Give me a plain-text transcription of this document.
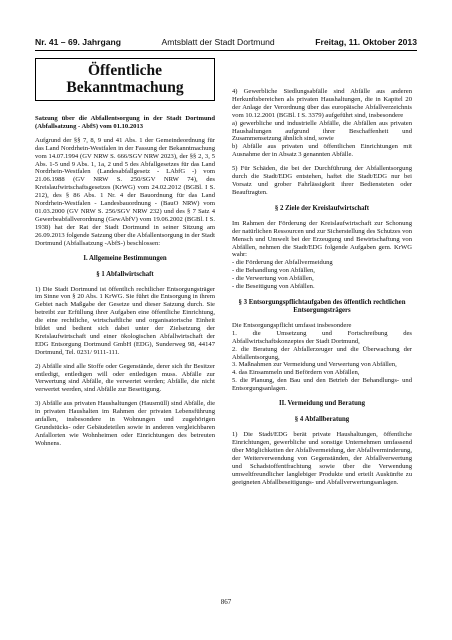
Nr. 41 – 69. Jahrgang	Amtsblatt der Stadt Dortmund	Freitag, 11. Oktober 2013
Öffentliche Bekanntmachung

Satzung über die Abfallentsorgung in der Stadt Dortmund (Abfallsatzung - AbfS) vom 01.10.2013

Aufgrund der §§ 7, 8, 9 und 41 Abs. 1 der Gemeindeordnung für das Land Nordrhein-Westfalen in der Fassung der Bekanntmachung vom 14.07.1994 (GV NRW S. 666/SGV NRW 2023), der §§ 2, 3, 5 Abs. 1-5 und 9 Abs. 1, 1a, 2 und 5 des Abfallgesetzes für das Land Nordrhein-Westfalen (Landesabfallgesetz - LAbfG -) vom 21.06.1988 (GV NRW S. 250/SGV NRW 74), des Kreislaufwirtschaftsgesetzes (KrWG) vom 24.02.2012 (BGBl. I S. 212), des § 86 Abs. 1 Nr. 4 der Bauordnung für das Land Nordrhein-Westfalen - Landesbauordnung - (BauO NRW) vom 01.03.2000 (GV NRW S. 256/SGV NRW 232) und des § 7 Satz 4 Gewerbeabfallverordnung (GewAbfV) vom 19.06.2002 (BGBl. I S. 1938) hat der Rat der Stadt Dortmund in seiner Sitzung am 26.09.2013 folgende Satzung über die Abfallentsorgung in der Stadt Dortmund (Abfallsatzung -AbfS-) beschlossen:

I. Allgemeine Bestimmungen
§ 1 Abfallwirtschaft

1) Die Stadt Dortmund ist öffentlich rechtlicher Entsorgungsträger im Sinne von § 20 Abs. 1 KrWG. Sie führt die Entsorgung in ihrem Gebiet nach Maßgabe der Gesetze und dieser Satzung durch. Sie betreibt zur Erfüllung ihrer Aufgaben eine öffentliche Einrichtung, die eine rechtliche, wirtschaftliche und organisatorische Einheit bildet und bedient sich dabei unter der Zielsetzung der Kreislaufwirtschaft und einer ökologischen Abfallwirtschaft der EDG Entsorgung Dortmund GmbH (EDG), Sunderweg 98, 44147 Dortmund, Tel. 0231/ 9111-111.

2) Abfälle sind alle Stoffe oder Gegenstände, derer sich ihr Besitzer entledigt, entledigen will oder entledigen muss. Abfälle zur Verwertung sind Abfälle, die verwertet werden; Abfälle, die nicht verwertet werden, sind Abfälle zur Beseitigung.

3) Abfälle aus privaten Haushaltungen (Hausmüll) sind Abfälle, die in privaten Haushalten im Rahmen der privaten Lebensführung anfallen, insbesondere in Wohnungen und zugehörigen Grundstücks- oder Gebäudeteilen sowie in anderen vergleichbaren Anfallorten wie Wohnheimen oder Einrichtungen des betreuten Wohnens.

4) Gewerbliche Siedlungsabfälle sind Abfälle aus anderen Herkunftsbereichen als privaten Haushaltungen, die in Kapitel 20 der Anlage der Verordnung über das europäische Abfallverzeichnis vom 10.12.2001 (BGBl. I S. 3379) aufgeführt sind, insbesondere

a) gewerbliche und industrielle Abfälle, die Abfällen aus privaten Haushaltungen aufgrund ihrer Beschaffenheit und Zusammensetzung ähnlich sind, sowie

b) Abfälle aus privaten und öffentlichen Einrichtungen mit Ausnahme der in Absatz 3 genannten Abfälle.

5) Für Schäden, die bei der Durchführung der Abfallentsorgung durch die Stadt/EDG entstehen, haftet die Stadt/EDG nur bei Vorsatz und grober Fahrlässigkeit ihrer Bediensteten oder Beauftragten.

§ 2 Ziele der Kreislaufwirtschaft

Im Rahmen der Förderung der Kreislaufwirtschaft zur Schonung der natürlichen Ressourcen und zur Sicherstellung des Schutzes von Mensch und Umwelt bei der Erzeugung und Bewirtschaftung von Abfällen, nehmen die Stadt/EDG folgende Aufgaben gem. KrWG wahr:

- die Förderung der Abfallvermeidung

- die Behandlung von Abfällen,

- die Verwertung von Abfällen,

- die Beseitigung von Abfällen.

§ 3 Entsorgungspflichtaufgaben des öffentlich rechtlichen Entsorgungsträgers

Die Entsorgungspflicht umfasst insbesondere

1. die Umsetzung und Fortschreibung des Abfallwirtschaftskonzeptes der Stadt Dortmund,

2. die Beratung der Abfallerzeuger und die Überwachung der Abfallentsorgung,

3. Maßnahmen zur Vermeidung und Verwertung von Abfällen,

4. das Einsammeln und Befördern von Abfällen,

5. die Planung, den Bau und den Betrieb der Behandlungs- und Entsorgungsanlagen.

II. Vermeidung und Beratung
§ 4 Abfallberatung

1) Die Stadt/EDG berät private Haushaltungen, öffentliche Einrichtungen, gewerbliche und sonstige Unternehmen umfassend über Möglichkeiten der Abfallvermeidung, der Abfallverminderung, der Weiterverwendung von Gegenständen, der Abfallverwertung und Schadstoffentfrachtung sowie über die Verwendung umweltfreundlicher langlebiger Produkte und erteilt Auskünfte zu geeigneten Abfallbeseitigungs- und Abfallverwertungsanlagen.

867
